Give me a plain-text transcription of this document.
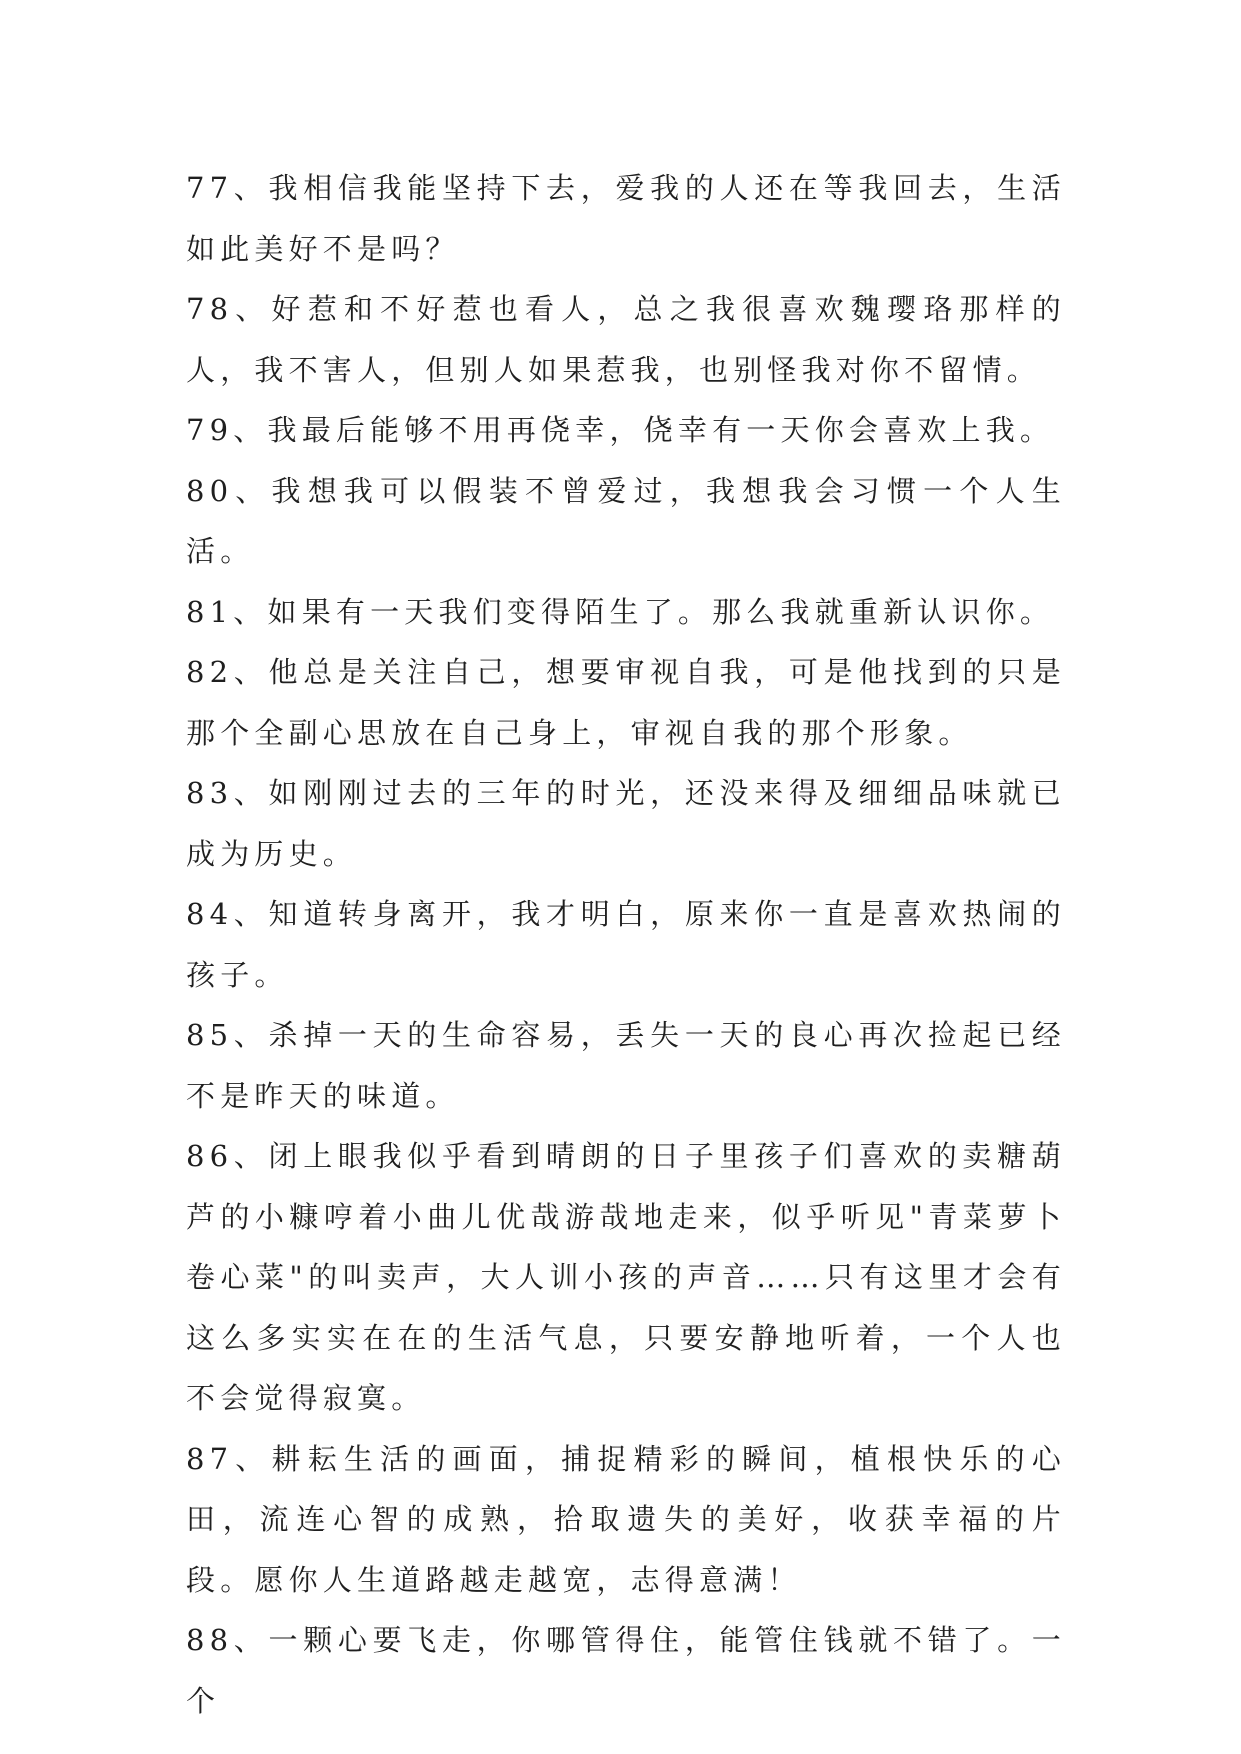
77、我相信我能坚持下去，爱我的人还在等我回去，生活如此美好不是吗？

78、好惹和不好惹也看人，总之我很喜欢魏璎珞那样的人，我不害人，但别人如果惹我，也别怪我对你不留情。

79、我最后能够不用再侥幸，侥幸有一天你会喜欢上我。

80、我想我可以假装不曾爱过，我想我会习惯一个人生活。

81、如果有一天我们变得陌生了。那么我就重新认识你。

82、他总是关注自己，想要审视自我，可是他找到的只是那个全副心思放在自己身上，审视自我的那个形象。

83、如刚刚过去的三年的时光，还没来得及细细品味就已成为历史。

84、知道转身离开，我才明白，原来你一直是喜欢热闹的孩子。

85、杀掉一天的生命容易，丢失一天的良心再次捡起已经不是昨天的味道。

86、闭上眼我似乎看到晴朗的日子里孩子们喜欢的卖糖葫芦的小糠哼着小曲儿优哉游哉地走来，似乎听见"青菜萝卜卷心菜"的叫卖声，大人训小孩的声音……只有这里才会有这么多实实在在的生活气息，只要安静地听着，一个人也不会觉得寂寞。

87、耕耘生活的画面，捕捉精彩的瞬间，植根快乐的心田，流连心智的成熟，拾取遗失的美好，收获幸福的片段。愿你人生道路越走越宽，志得意满！

88、一颗心要飞走，你哪管得住，能管住钱就不错了。一个
